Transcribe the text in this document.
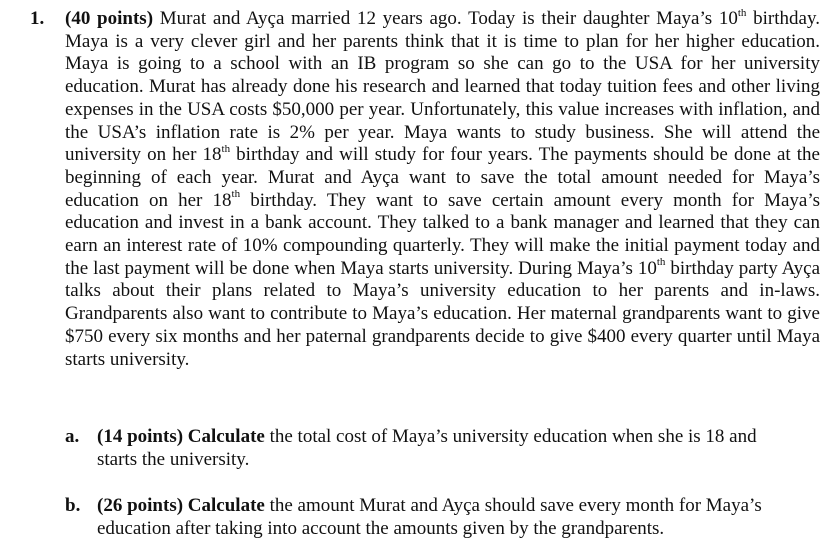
1. (40 points) Murat and Ayça married 12 years ago. Today is their daughter Maya’s 10th birthday. Maya is a very clever girl and her parents think that it is time to plan for her higher education. Maya is going to a school with an IB program so she can go to the USA for her university education. Murat has already done his research and learned that today tuition fees and other living expenses in the USA costs $50,000 per year. Unfortunately, this value increases with inflation, and the USA’s inflation rate is 2% per year. Maya wants to study business. She will attend the university on her 18th birthday and will study for four years. The payments should be done at the beginning of each year. Murat and Ayça want to save the total amount needed for Maya’s education on her 18th birthday. They want to save certain amount every month for Maya’s education and invest in a bank account. They talked to a bank manager and learned that they can earn an interest rate of 10% compounding quarterly. They will make the initial payment today and the last payment will be done when Maya starts university. During Maya’s 10th birthday party Ayça talks about their plans related to Maya’s university education to her parents and in-laws. Grandparents also want to contribute to Maya’s education. Her maternal grandparents want to give $750 every six months and her paternal grandparents decide to give $400 every quarter until Maya starts university.
a. (14 points) Calculate the total cost of Maya’s university education when she is 18 and starts the university.
b. (26 points) Calculate the amount Murat and Ayça should save every month for Maya’s education after taking into account the amounts given by the grandparents.
